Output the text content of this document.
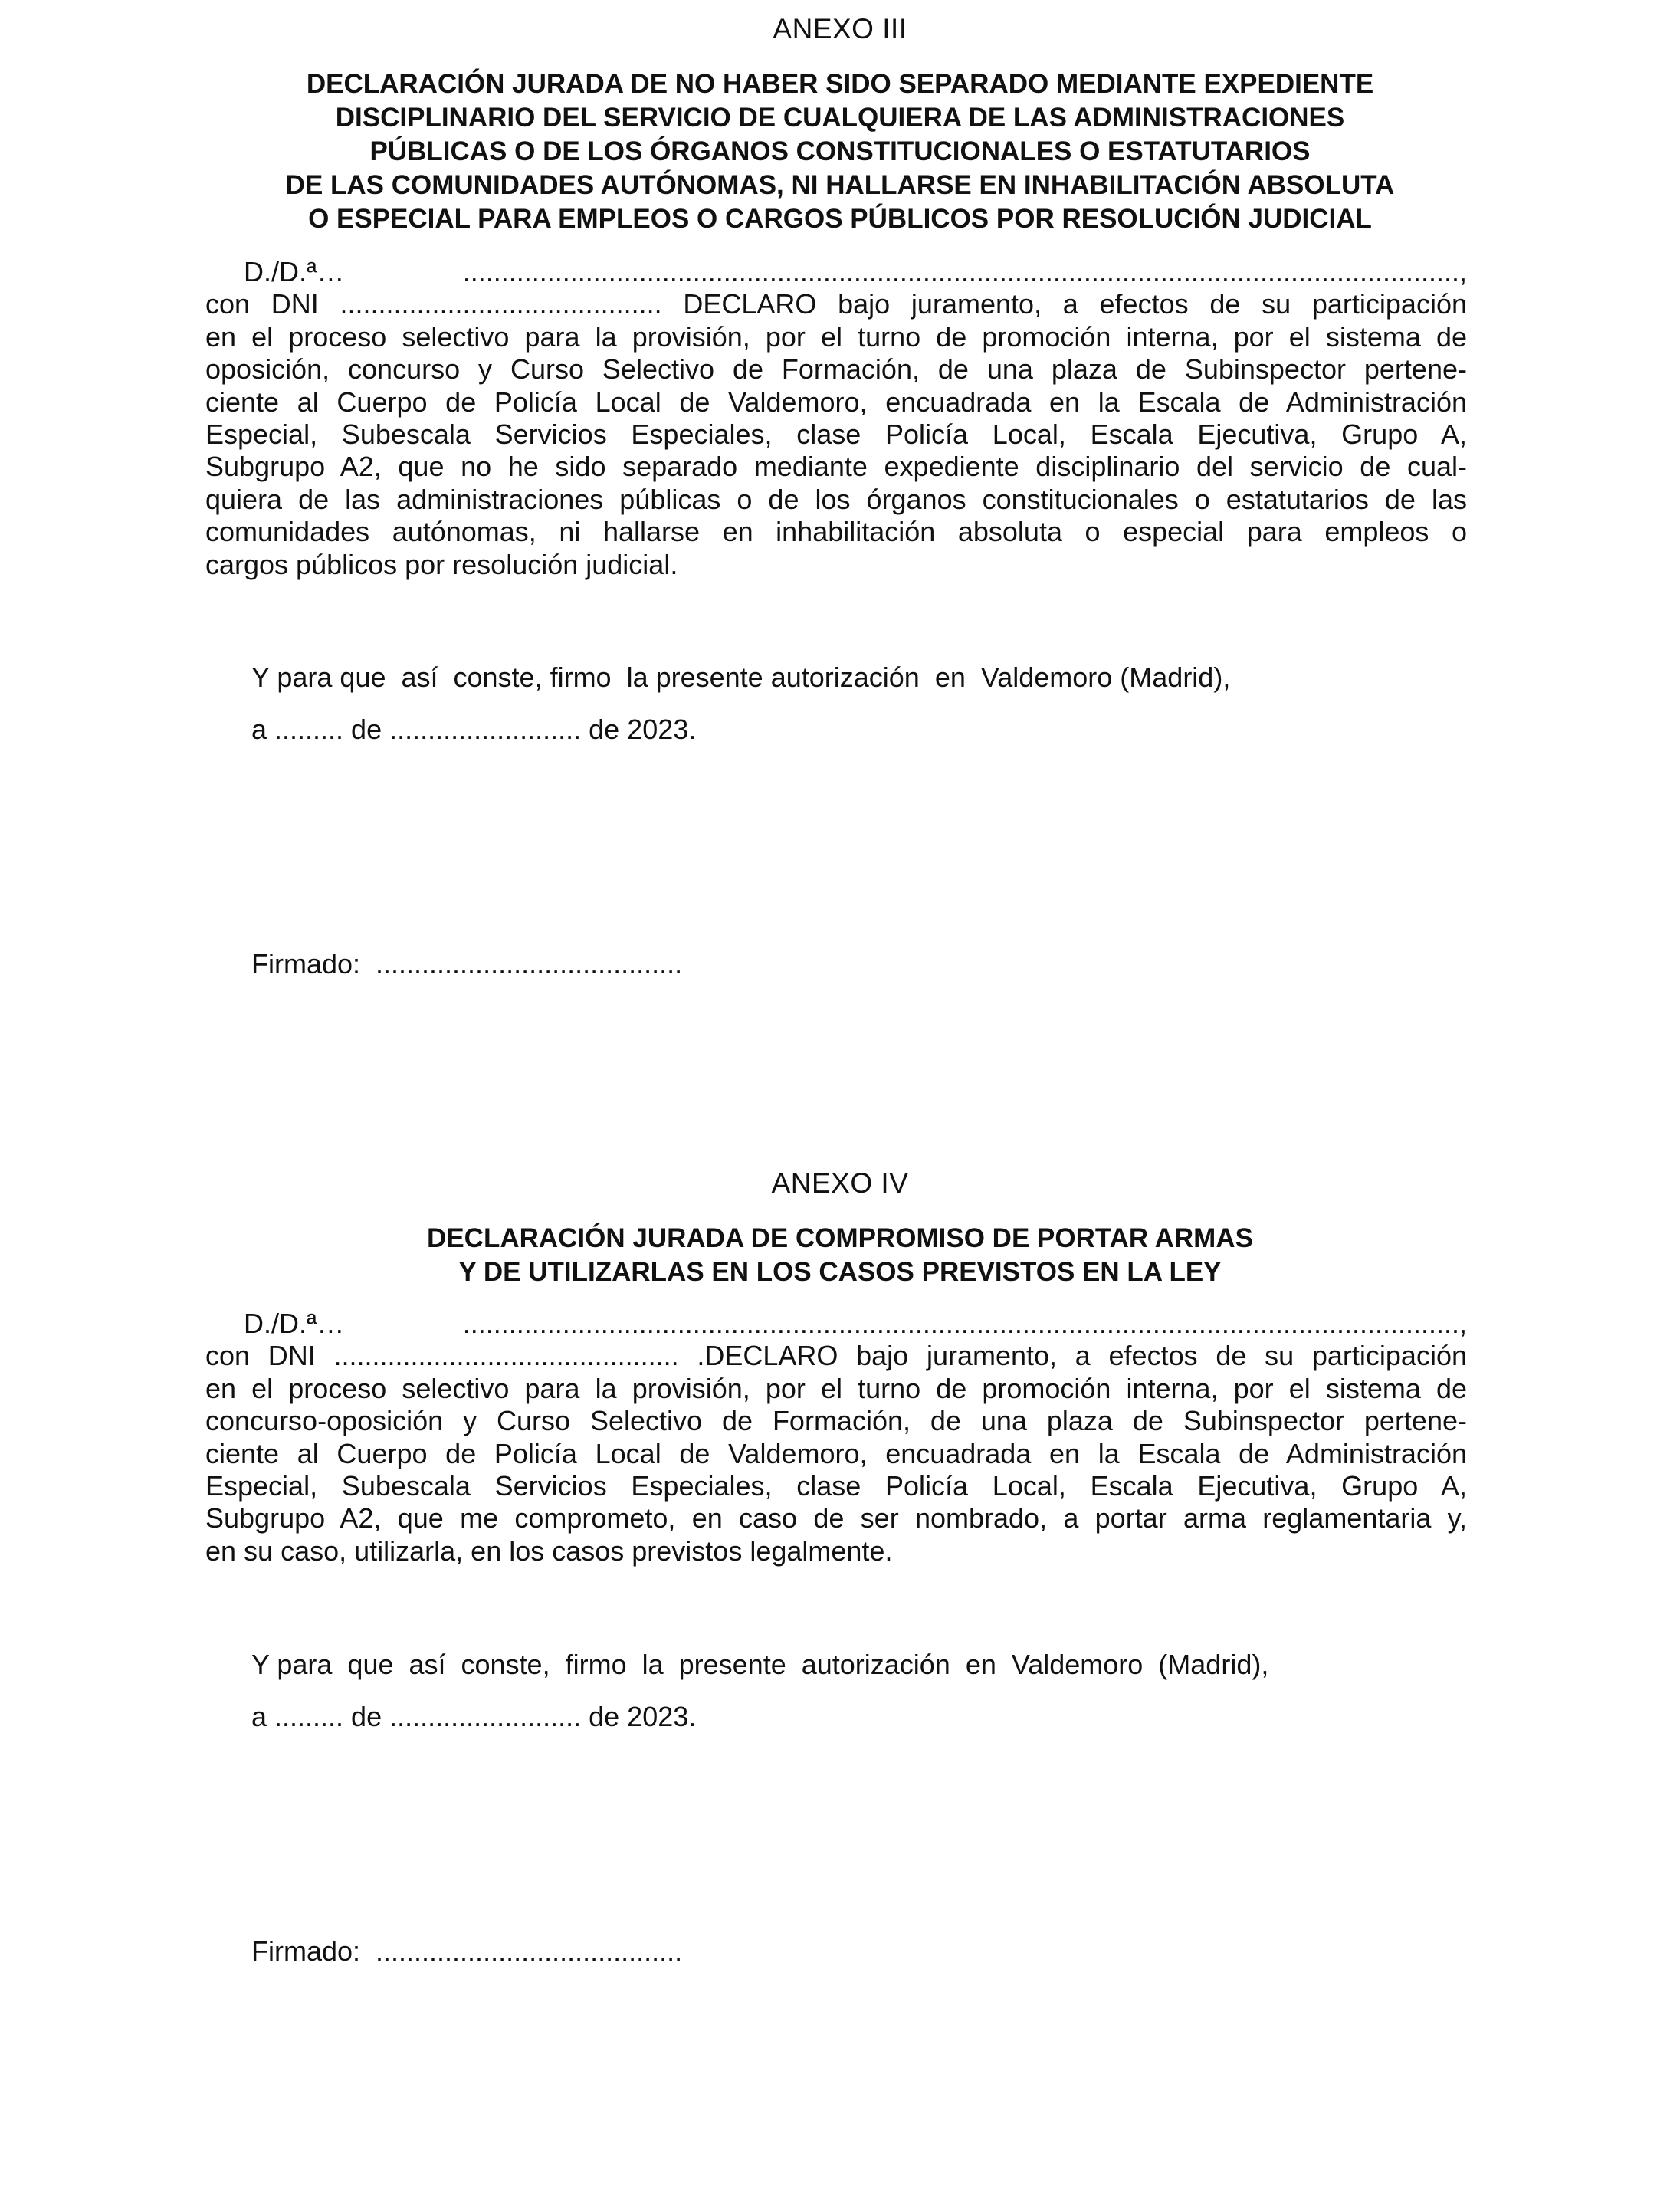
ANEXO III
DECLARACIÓN JURADA DE NO HABER SIDO SEPARADO MEDIANTE EXPEDIENTE
DISCIPLINARIO DEL SERVICIO DE CUALQUIERA DE LAS ADMINISTRACIONES
PÚBLICAS O DE LOS ÓRGANOS CONSTITUCIONALES O ESTATUTARIOS
DE LAS COMUNIDADES AUTÓNOMAS, NI HALLARSE EN INHABILITACIÓN ABSOLUTA
O ESPECIAL PARA EMPLEOS O CARGOS PÚBLICOS POR RESOLUCIÓN JUDICIAL
D./D.ª… ..................................................................................................................................,
con DNI .......................................... DECLARO bajo juramento, a efectos de su participación
en el proceso selectivo para la provisión, por el turno de promoción interna, por el sistema de
oposición, concurso y Curso Selectivo de Formación, de una plaza de Subinspector pertene-
ciente al Cuerpo de Policía Local de Valdemoro, encuadrada en la Escala de Administración
Especial, Subescala Servicios Especiales, clase Policía Local, Escala Ejecutiva, Grupo A,
Subgrupo A2, que no he sido separado mediante expediente disciplinario del servicio de cual-
quiera de las administraciones públicas o de los órganos constitucionales o estatutarios de las
comunidades autónomas, ni hallarse en inhabilitación absoluta o especial para empleos o
cargos públicos por resolución judicial.
Y para que  así  conste, firmo  la presente autorización  en  Valdemoro (Madrid),
a ......... de ......................... de 2023.
Firmado:  ........................................
ANEXO IV
DECLARACIÓN JURADA DE COMPROMISO DE PORTAR ARMAS
Y DE UTILIZARLAS EN LOS CASOS PREVISTOS EN LA LEY
D./D.ª… ..................................................................................................................................,
con DNI ............................................. .DECLARO bajo juramento, a efectos de su participación
en el proceso selectivo para la provisión, por el turno de promoción interna, por el sistema de
concurso-oposición y Curso Selectivo de Formación, de una plaza de Subinspector pertene-
ciente al Cuerpo de Policía Local de Valdemoro, encuadrada en la Escala de Administración
Especial, Subescala Servicios Especiales, clase Policía Local, Escala Ejecutiva, Grupo A,
Subgrupo A2, que me comprometo, en caso de ser nombrado, a portar arma reglamentaria y,
en su caso, utilizarla, en los casos previstos legalmente.
Y para  que  así  conste,  firmo  la  presente  autorización  en  Valdemoro  (Madrid),
a ......... de ......................... de 2023.
Firmado:  ........................................
